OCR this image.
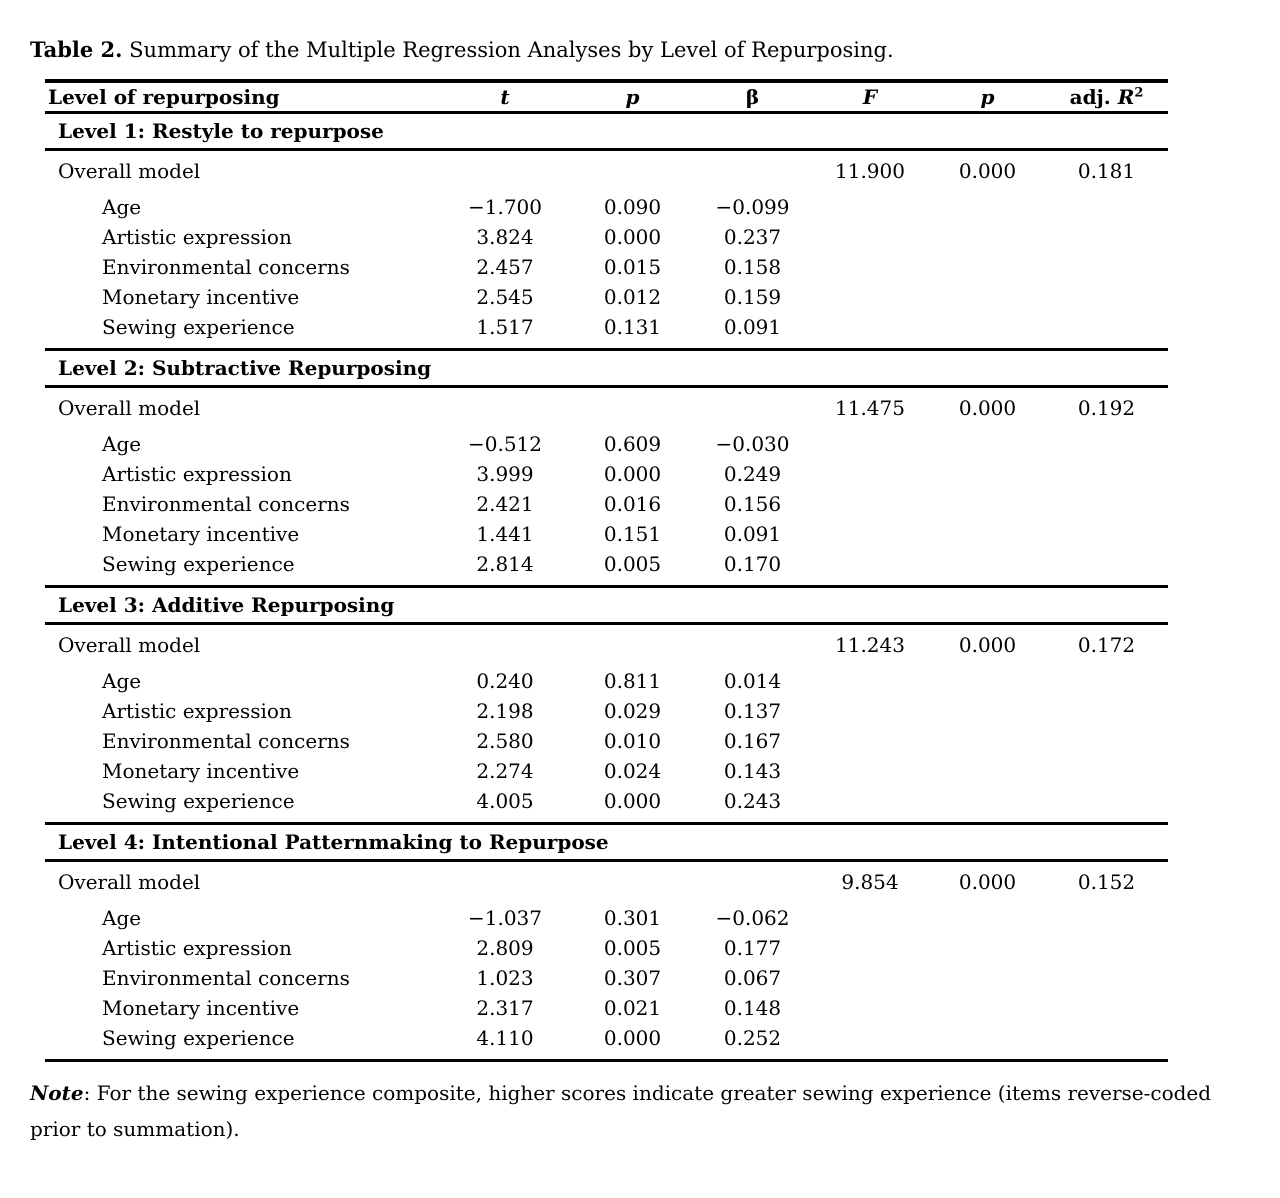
Table 2. Summary of the Multiple Regression Analyses by Level of Repurposing.

Level of repurposing	t	p	β	F	p	adj. $R^2$
Level 1: Restyle to repurpose						
Overall model				11.900	0.000	0.181
Age	−1.700	0.090	−0.099			
Artistic expression	3.824	0.000	0.237			
Environmental concerns	2.457	0.015	0.158			
Monetary incentive	2.545	0.012	0.159			
Sewing experience	1.517	0.131	0.091			
Level 2: Subtractive Repurposing						
Overall model				11.475	0.000	0.192
Age	−0.512	0.609	−0.030			
Artistic expression	3.999	0.000	0.249			
Environmental concerns	2.421	0.016	0.156			
Monetary incentive	1.441	0.151	0.091			
Sewing experience	2.814	0.005	0.170			
Level 3: Additive Repurposing						
Overall model				11.243	0.000	0.172
Age	0.240	0.811	0.014			
Artistic expression	2.198	0.029	0.137			
Environmental concerns	2.580	0.010	0.167			
Monetary incentive	2.274	0.024	0.143			
Sewing experience	4.005	0.000	0.243			
Level 4: Intentional Patternmaking to Repurpose						
Overall model				9.854	0.000	0.152
Age	−1.037	0.301	−0.062			
Artistic expression	2.809	0.005	0.177			
Environmental concerns	1.023	0.307	0.067			
Monetary incentive	2.317	0.021	0.148			
Sewing experience	4.110	0.000	0.252			

Note: For the sewing experience composite, higher scores indicate greater sewing experience (items reverse-coded prior to summation).
